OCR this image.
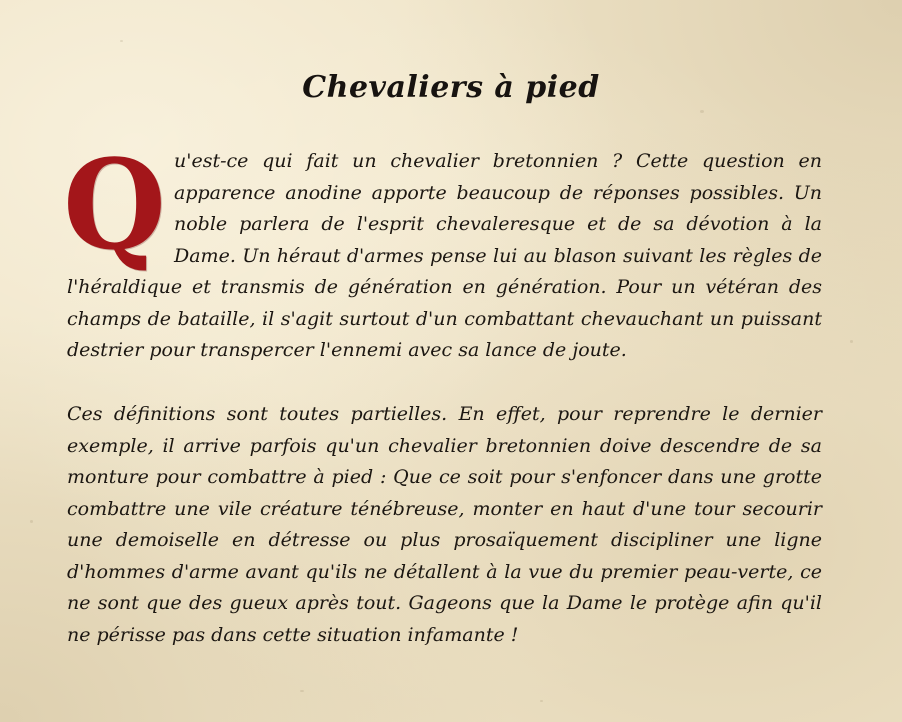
Chevaliers à pied
Qu'est-ce qui fait un chevalier bretonnien ? Cette question en apparence anodine apporte beaucoup de réponses possibles. Un noble parlera de l'esprit chevaleresque et de sa dévotion à la Dame. Un héraut d'armes pense lui au blason suivant les règles de l'héraldique et transmis de génération en génération. Pour un vétéran des champs de bataille, il s'agit surtout d'un combattant chevauchant un puissant destrier pour transpercer l'ennemi avec sa lance de joute.
Ces définitions sont toutes partielles. En effet, pour reprendre le dernier exemple, il arrive parfois qu'un chevalier bretonnien doive descendre de sa monture pour combattre à pied : Que ce soit pour s'enfoncer dans une grotte combattre une vile créature ténébreuse, monter en haut d'une tour secourir une demoiselle en détresse ou plus prosaïquement discipliner une ligne d'hommes d'arme avant qu'ils ne détallent à la vue du premier peau-verte, ce ne sont que des gueux après tout. Gageons que la Dame le protège afin qu'il ne périsse pas dans cette situation infamante !
